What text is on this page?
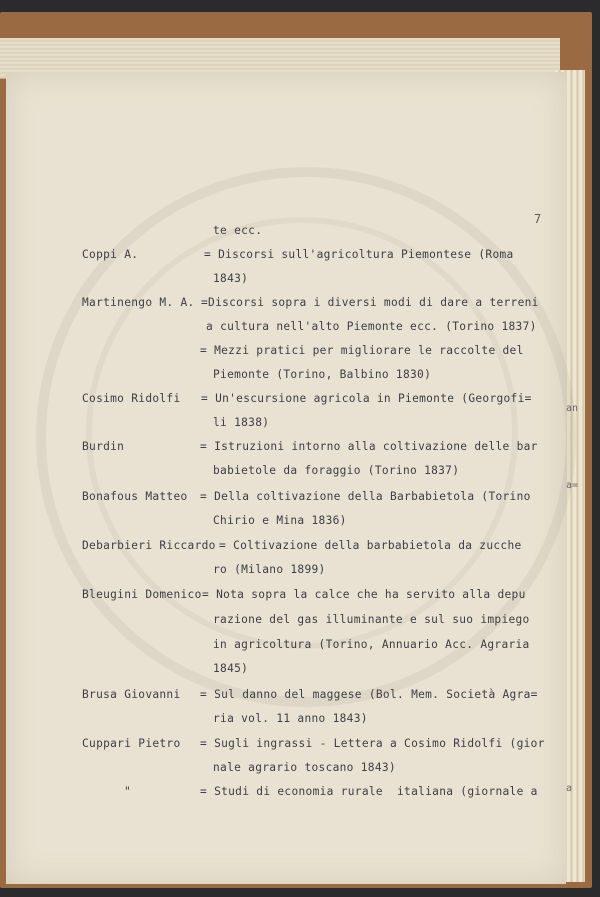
7
te ecc.
Coppi A.	= Discorsi sull'agricoltura Piemontese (Roma
1843)
Martinengo M. A. =Discorsi sopra i diversi modi di dare a terreni
a cultura nell'alto Piemonte ecc. (Torino 1837)
= Mezzi pratici per migliorare le raccolte del
Piemonte (Torino, Balbino 1830)
Cosimo Ridolfi = Un'escursione agricola in Piemonte (Georgofi=
li 1838)
Burdin	= Istruzioni intorno alla coltivazione delle bar
babietole da foraggio (Torino 1837)
Bonafous Matteo = Della coltivazione della Barbabietola (Torino
Chirio e Mina 1836)
Debarbieri Riccardo = Coltivazione della barbabietola da zucche
ro (Milano 1899)
Bleugini Domenico = Nota sopra la calce che ha servito alla depu
razione del gas illuminante e sul suo impiego
in agricoltura (Torino, Annuario Acc. Agraria
1845)
Brusa Giovanni = Sul danno del maggese (Bol. Mem. Società Agra=
ria vol. 11 anno 1843)
Cuppari Pietro = Sugli ingrassi - Lettera a Cosimo Ridolfi (gior
nale agrario toscano 1843)
"	= Studi di economia rurale  italiana (giornale a
an
a=
a
